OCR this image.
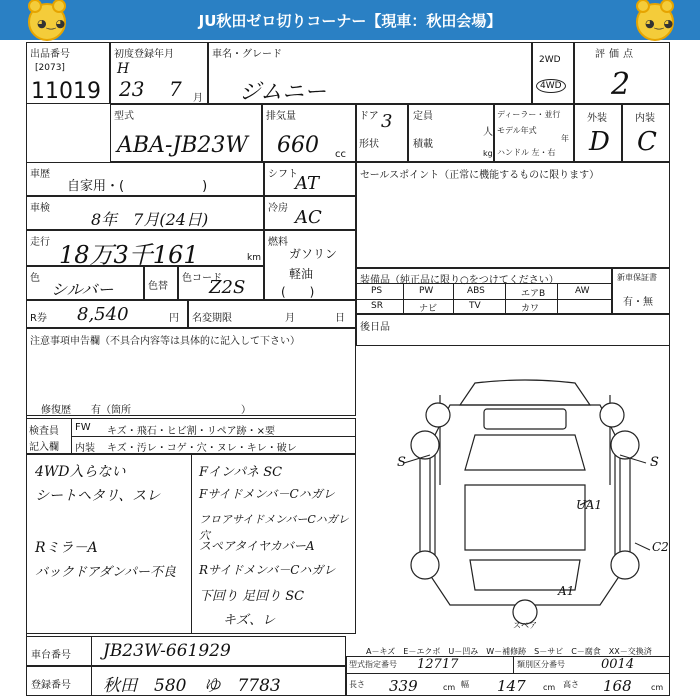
JU秋田ゼロ切りコーナー【現車：秋田会場】
◕‿◕	◕‿◕
出品番号
[2073]
11019
初度登録年月
H
23 7 月
車名・グレード
ジムニー
2WD
4WD
評価点
2
型式
ABA-JB23W
排気量
660 cc
ドア 3
形状
定員
人
積載
kg
ディーラー・並行
モデル年式
年
ハンドル 左・右
外装
D
内装
C
車歴
自家用・(　　　　　　)
シフト
AT
車検
8年　7月(24日)
冷房 AC
走行 18万3千161	km
燃料
ガソリン
軽油
(　　)
色
シルバー	色替
色コード
Z2S
R券 8,540	円 名変期限	月	日
注意事項申告欄（不具合内容等は具体的に記入して下さい）
修復歴　　有（箇所　　　　　　　　　　　）
セールスポイント（正常に機能するものに限ります）
装備品（純正品に限り○をつけてください）
PS	PW	ABS	エアB	AW
SR	ナビ	TV	カワ
新車保証書
有・無
後日品
検査員
記入欄
FW キズ・飛石・ヒビ割・リペア跡・×要
内装 キズ・汚レ・コゲ・穴・ヌレ・キレ・破レ
4WD入らない
シートヘタリ、スレ
Rミラ－A
バックドアダンパー不良
Fインパネ SC
Fサイドメンバ－Cハガレ
フロアサイドメンバーCハガレ 穴
スペアタイヤカバーA
Rサイドメンバ－Cハガレ
下回り 足回り SC
キズ、レ
S	S
UA1
C2
A1
スペア
A－キズ　E－エクボ　U－凹み　W－補修跡　S－サビ　C－腐食　XX－交換済
車台番号 JB23W-661929
登録番号 秋田　580　ゆ　7783
型式指定番号 12717	類別区分番号	0014
長さ 339	cm 幅 147 cm 高さ 168 cm
